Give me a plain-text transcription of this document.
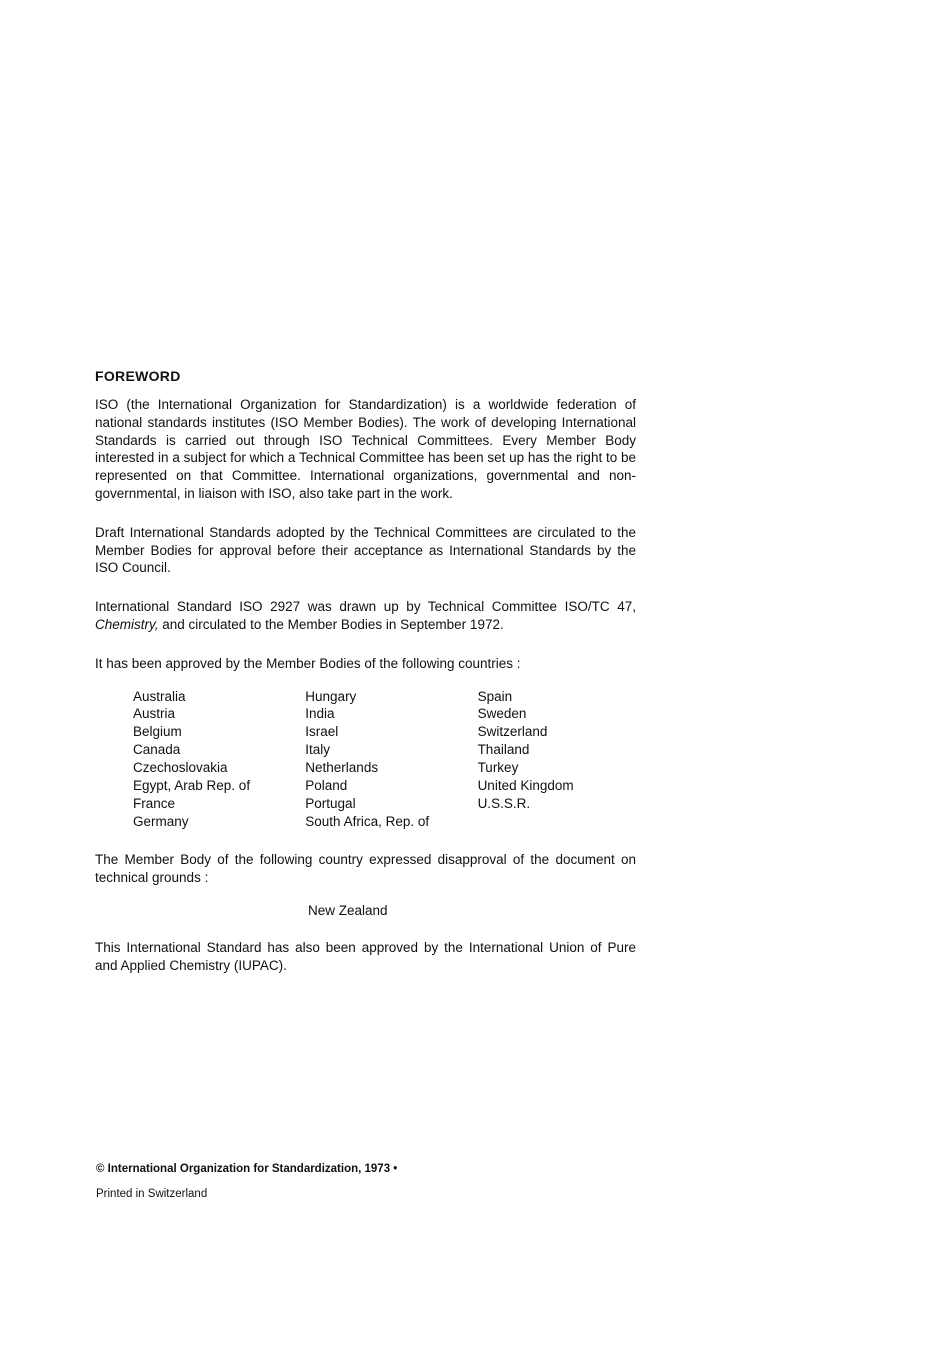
FOREWORD

ISO (the International Organization for Standardization) is a worldwide federation of national standards institutes (ISO Member Bodies). The work of developing International Standards is carried out through ISO Technical Committees. Every Member Body interested in a subject for which a Technical Committee has been set up has the right to be represented on that Committee. International organizations, governmental and non-governmental, in liaison with ISO, also take part in the work.

Draft International Standards adopted by the Technical Committees are circulated to the Member Bodies for approval before their acceptance as International Standards by the ISO Council.

International Standard ISO 2927 was drawn up by Technical Committee ISO/TC 47, Chemistry, and circulated to the Member Bodies in September 1972.

It has been approved by the Member Bodies of the following countries :

Australia
Austria
Belgium
Canada
Czechoslovakia
Egypt, Arab Rep. of
France
Germany
Hungary
India
Israel
Italy
Netherlands
Poland
Portugal
South Africa, Rep. of
Spain
Sweden
Switzerland
Thailand
Turkey
United Kingdom
U.S.S.R.

The Member Body of the following country expressed disapproval of the document on technical grounds :

New Zealand

This International Standard has also been approved by the International Union of Pure and Applied Chemistry (IUPAC).

© International Organization for Standardization, 1973 •
Printed in Switzerland
